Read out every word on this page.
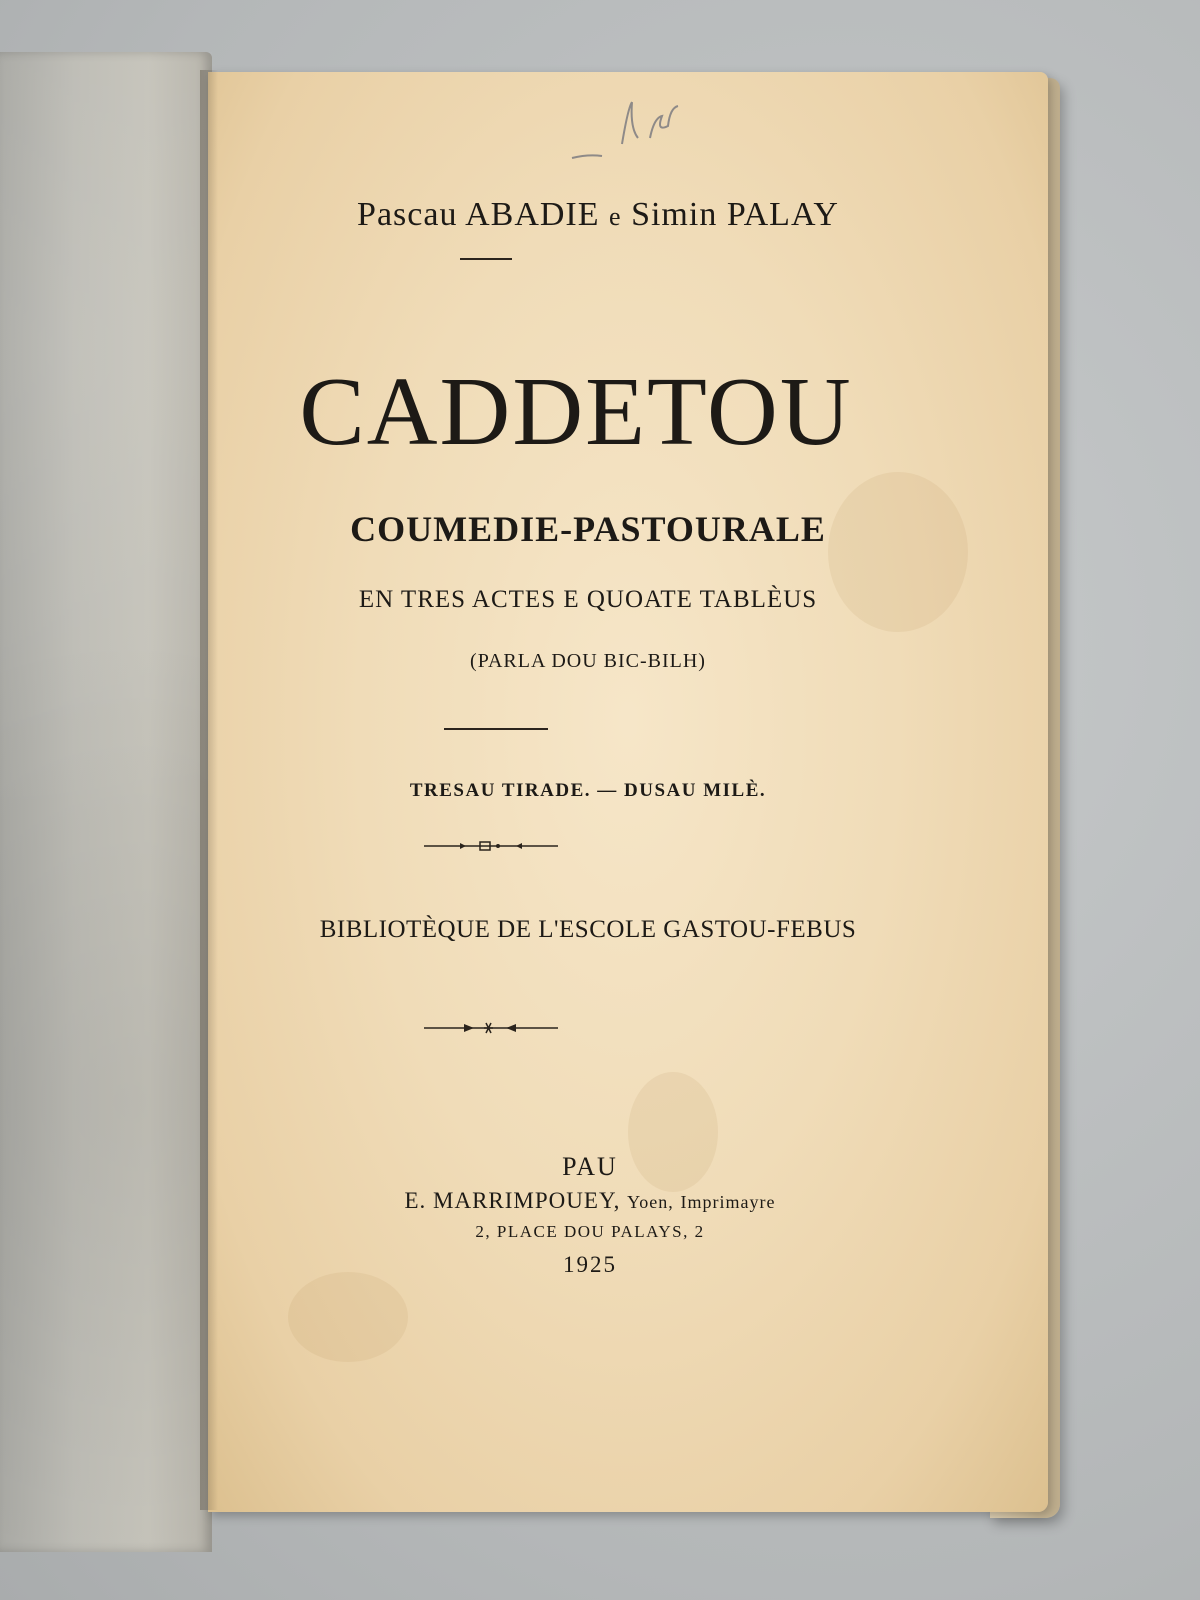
Pascau ABADIE e Simin PALAY
CADDETOU
COUMEDIE-PASTOURALE
EN TRES ACTES E QUOATE TABLÈUS
(PARLA DOU BIC-BILH)
TRESAU TIRADE. — DUSAU MILÈ.
BIBLIOTÈQUE DE L'ESCOLE GASTOU-FEBUS
PAU
E. MARRIMPOUEY, Yoen, Imprimayre
2, PLACE DOU PALAYS, 2
1925
